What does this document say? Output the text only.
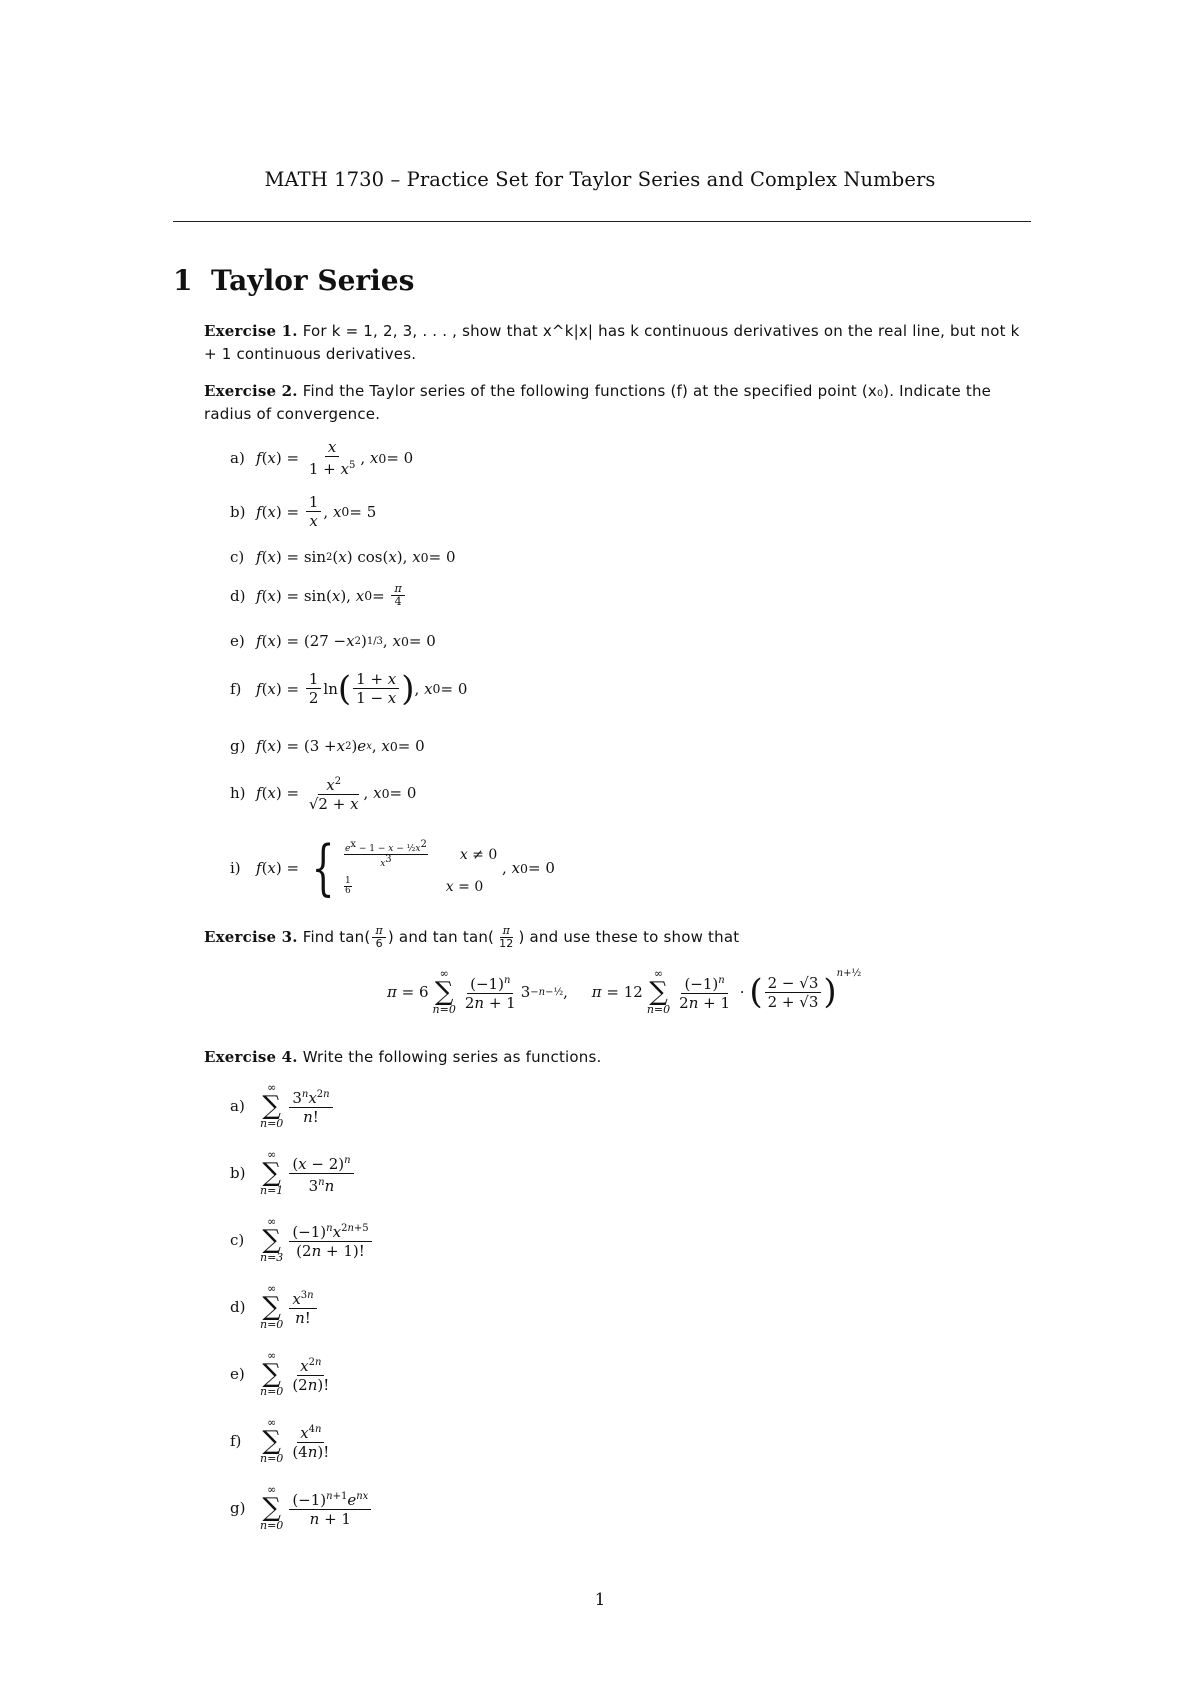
MATH 1730 – Practice Set for Taylor Series and Complex Numbers
1 Taylor Series
Exercise 1. For k = 1, 2, 3, . . . , show that x^k|x| has k continuous derivatives on the real line, but not k + 1 continuous derivatives.
Exercise 2. Find the Taylor series of the following functions (f) at the specified point (x₀). Indicate the radius of convergence.
a) f ( x ) = $\frac{x}{1 + x^5}$ , x 0 = 0
b) f ( x ) = $\frac{1}{x}$ , x 0 = 5
c) f ( x ) = sin 2 ( x ) cos( x ), x 0 = 0
d) f ( x ) = sin( x ), x $0 = \frac{\pi}{4}$
e) f ( x ) = (27 − x 2 ) 1/3 , x 0 = 0
f) f ( x ) = $\frac{1}{2}$ ln ( $\frac{1 + x}{1 - x}$ ) , x 0 = 0
g) f ( x ) = (3 + x 2 ) e x , x 0 = 0
h) f ( x ) = $\frac{x^2}{√2 + x}$ , x 0 = 0
i)	f ( x ) = { $\frac{e^x - 1 - x - \frac{1}{2}x^2}{x^3}$ x ≠ 0
$\frac{1}{6}$	x = 0
, x 0 = 0
Exercise 3.
Find tan ( $\frac{\pi}{6}$ ) and $\tan \tan( \frac{\pi}{12}$ ) and use these to show that
π = 6
∞
∑
$n=0 \frac{(-1)^n}{2n + 1} 3$ −n−½ , π = 12
∞
∑
$n=0 \frac{(-1)^n}{2n + 1}$ · ( $\frac{2 - √3}{2 + √3}$ ) $^{n+\frac{1}{2}}$
Exercise 4. Write the following series as functions.
a)
∞
∑
$n=0 \frac{3^nx^{2n}}{n!}$
b)
∞
∑
$n=1 \frac{(x - 2)^n}{3^nn}$
c)
∞
∑
$n=3 \frac{(-1)^nx^{2n+5}}{(2n + 1)!}$
d)
∞
∑
$n=0 \frac{x^{3n}}{n!}$
e)
∞
∑
$n=0 \frac{x^{2n}}{(2n)!}$
f)
∞
∑
$n=0 \frac{x^{4n}}{(4n)!}$
g)
∞
∑
$n=0 \frac{(-1)^{n+1}e^{nx}}{n + 1}$
1
